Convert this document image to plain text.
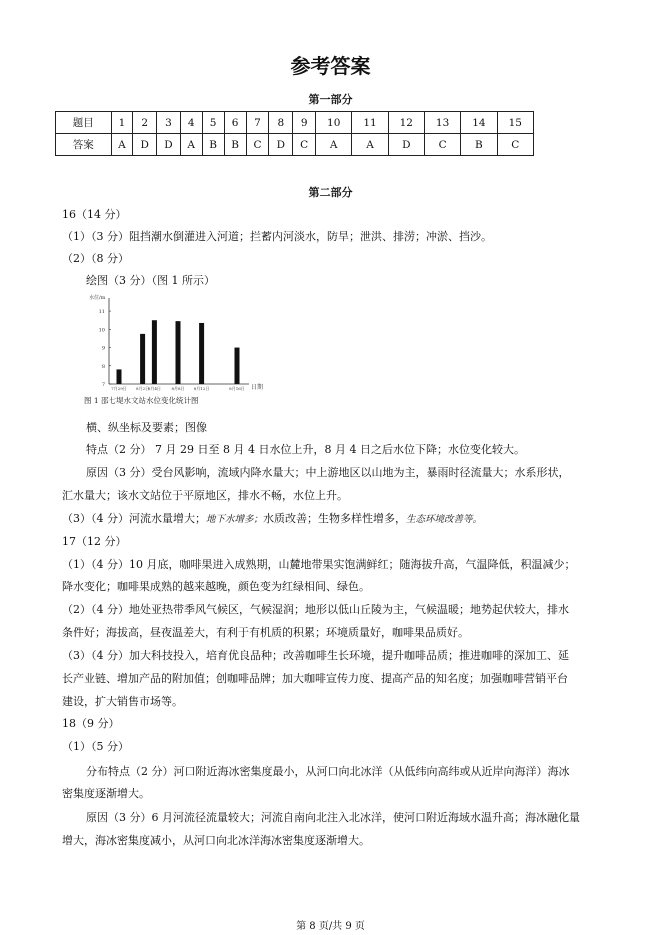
参考答案
第一部分
题目	1	2	3	4	5	6	7	8	9	10	11	12	13	14	15
答案	A	D	D	A	B	B	C	D	C	A	A	D	C	B	C
第二部分
16（14 分）
（1）（3 分）阻挡潮水倒灌进入河道；拦蓄内河淡水，防旱；泄洪、排涝；冲淤、挡沙。
（2）（8 分）
绘图（3 分）（图 1 所示）
7
8
9
10
11
水位/m
日期
7月29日 8月2日
8月4日	8月8日 8月12日	8月16日
图 1 邵七堤水文站水位变化统计图
横、纵坐标及要素；图像
特点（2 分） 7 月 29 日至 8 月 4 日水位上升，8 月 4 日之后水位下降；水位变化较大。
原因（3 分）受台风影响，流域内降水量大；中上游地区以山地为主，暴雨时径流量大；水系形状，
汇水量大；该水文站位于平原地区，排水不畅，水位上升。
（3）（4 分）河流水量增大；地下水增多；水质改善；生物多样性增多，生态环境改善等。
第 8 页/共 9 页
17（12 分）
（1）（4 分）10 月底，咖啡果进入成熟期，山麓地带果实饱满鲜红；随海拔升高，气温降低，积温减少；
降水变化；咖啡果成熟的越来越晚，颜色变为红绿相间、绿色。
（2）（4 分）地处亚热带季风气候区，气候湿润；地形以低山丘陵为主，气候温暖；地势起伏较大，排水
条件好；海拔高，昼夜温差大，有利于有机质的积累；环境质量好，咖啡果品质好。
（3）（4 分）加大科技投入，培育优良品种；改善咖啡生长环境，提升咖啡品质；推进咖啡的深加工、延
长产业链、增加产品的附加值；创咖啡品牌；加大咖啡宣传力度、提高产品的知名度；加强咖啡营销平台
建设，扩大销售市场等。
18（9 分）
（1）（5 分）
分布特点（2 分）河口附近海冰密集度最小，从河口向北冰洋（从低纬向高纬或从近岸向海洋）海冰
密集度逐渐增大。
原因（3 分）6 月河流径流量较大；河流自南向北注入北冰洋，使河口附近海域水温升高；海冰融化量
增大，海冰密集度减小，从河口向北冰洋海冰密集度逐渐增大。
